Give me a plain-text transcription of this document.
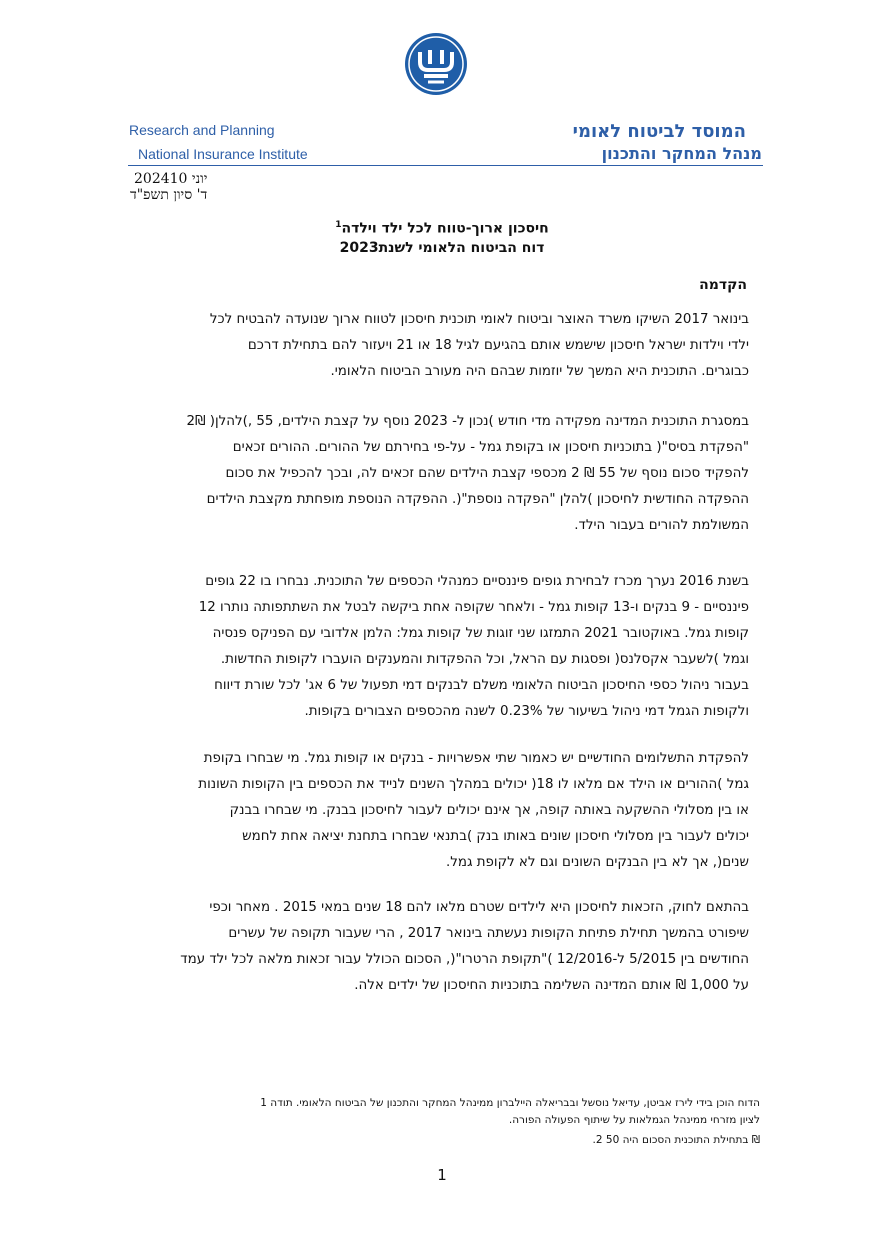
Research and Planning
National Insurance Institute
המוסד לביטוח לאומי
מנהל המחקר והתכנון
יוני 202410
ד' סיון תשפ"ד
חיסכון ארוך-טווח לכל ילד וילדה$^1$
דוח הביטוח הלאומי לשנת2023
הקדמה

בינואר 2017 השיקו משרד האוצר וביטוח לאומי תוכנית חיסכון לטווח ארוך שנועדה להבטיח לכל

ילדי וילדות ישראל חיסכון שישמש אותם בהגיעם לגיל 18 או 21 ויעזור להם בתחילת דרכם

כבוגרים. התוכנית היא המשך של יוזמות שבהם היה מעורב הביטוח הלאומי.

במסגרת התוכנית המדינה מפקידה מדי חודש )נכון ל- 2023 נוסף על קצבת הילדים, 55 ,)להלן( 2₪

"הפקדת בסיס"( בתוכניות חיסכון או בקופת גמל - על-פי בחירתם של ההורים. ההורים זכאים

להפקיד סכום נוסף של 55 ₪ 2 מכספי קצבת הילדים שהם זכאים לה, ובכך להכפיל את סכום

ההפקדה החודשית לחיסכון )להלן "הפקדה נוספת"(. ההפקדה הנוספת מופחתת מקצבת הילדים

המשולמת להורים בעבור הילד.

בשנת 2016 נערך מכרז לבחירת גופים פיננסיים כמנהלי הכספים של התוכנית. נבחרו בו 22 גופים

פיננסיים - 9 בנקים ו-13 קופות גמל - ולאחר שקופה אחת ביקשה לבטל את השתתפותה נותרו 12

קופות גמל. באוקטובר 2021 התמזגו שני זוגות של קופות גמל: הלמן אלדובי עם הפניקס פנסיה

וגמל )לשעבר אקסלנס( ופסגות עם הראל, וכל ההפקדות והמענקים הועברו לקופות החדשות.

בעבור ניהול כספי החיסכון הביטוח הלאומי משלם לבנקים דמי תפעול של 6 אג' לכל שורת דיווח

ולקופות הגמל דמי ניהול בשיעור של 0.23% לשנה מהכספים הצבורים בקופות.

להפקדת התשלומים החודשיים יש כאמור שתי אפשרויות - בנקים או קופות גמל. מי שבחרו בקופת

גמל )ההורים או הילד אם מלאו לו 18( יכולים במהלך השנים לנייד את הכספים בין הקופות השונות

או בין מסלולי ההשקעה באותה קופה, אך אינם יכולים לעבור לחיסכון בבנק. מי שבחרו בבנק

יכולים לעבור בין מסלולי חיסכון שונים באותו בנק )בתנאי שבחרו בתחנת יציאה אחת לחמש

שנים(, אך לא בין הבנקים השונים וגם לא לקופת גמל.

בהתאם לחוק, הזכאות לחיסכון היא לילדים שטרם מלאו להם 18 שנים במאי 2015 . מאחר וכפי

שיפורט בהמשך תחילת פתיחת הקופות נעשתה בינואר 2017 , הרי שעבור תקופה של עשרים

החודשים בין 5/2015 ל-12/2016 )"תקופת הרטרו"(, הסכום הכולל עבור זכאות מלאה לכל ילד עמד

על 1,000 ₪ אותם המדינה השלימה בתוכניות החיסכון של ילדים אלה.

הדוח הוכן בידי לירז אביטן, עדיאל נוסשל ובבריאלה היילברון ממינהל המחקר והתכנון של הביטוח הלאומי. תודה 1

לציון מזרחי ממינהל הגמלאות על שיתוף הפעולה הפורה.

₪ בתחילת התוכנית הסכום היה 50 2.

1
